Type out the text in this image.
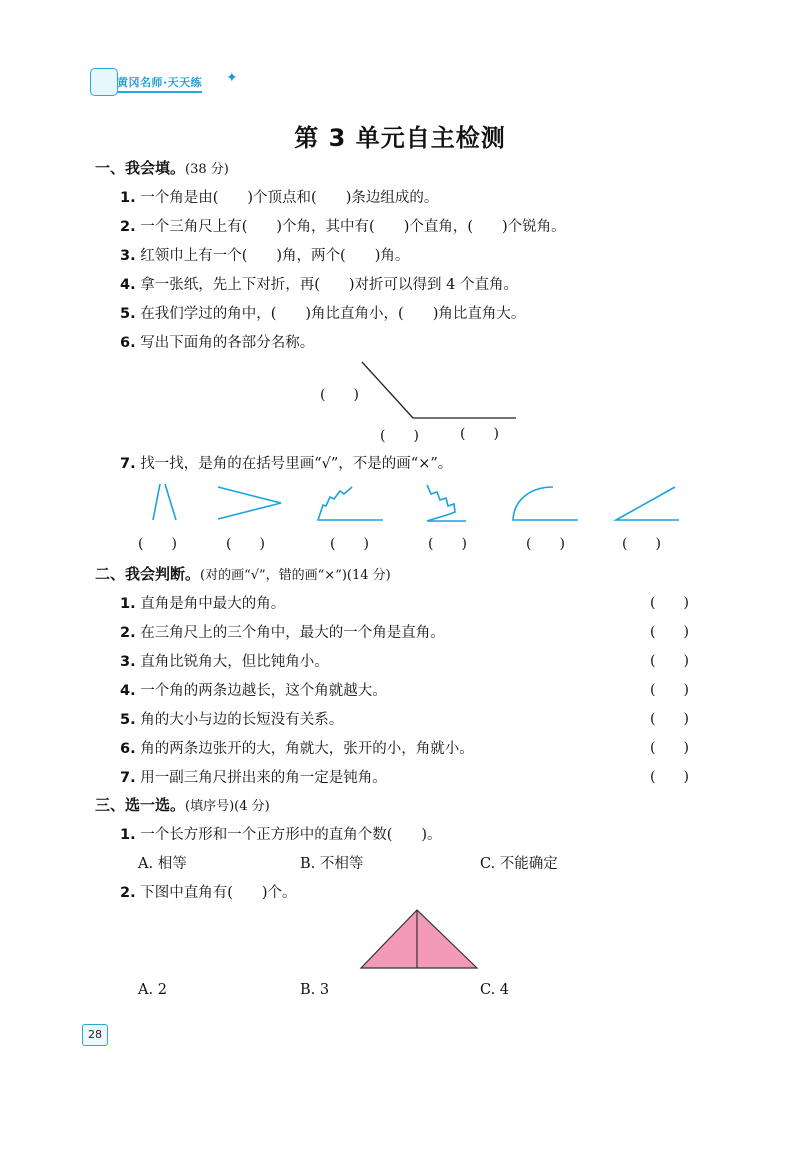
黄冈名师·天天练 ✦
第 3 单元自主检测
一、我会填。(38 分)
1. 一个角是由(　　)个顶点和(　　)条边组成的。
2. 一个三角尺上有(　　)个角，其中有(　　)个直角，(　　)个锐角。
3. 红领巾上有一个(　　)角，两个(　　)角。
4. 拿一张纸，先上下对折，再(　　)对折可以得到 4 个直角。
5. 在我们学过的角中，(　　)角比直角小，(　　)角比直角大。
6. 写出下面角的各部分名称。
(　　)
(　　)	(　　)
7. 找一找，是角的在括号里画“√”，不是的画“×”。
(　　)	(　　)	(　　)	(　　)	(　　)	(　　)
二、我会判断。(对的画“√”，错的画“×”)(14 分)
1. 直角是角中最大的角。	(　　)
2. 在三角尺上的三个角中，最大的一个角是直角。	(　　)
3. 直角比锐角大，但比钝角小。	(　　)
4. 一个角的两条边越长，这个角就越大。	(　　)
5. 角的大小与边的长短没有关系。	(　　)
6. 角的两条边张开的大，角就大，张开的小，角就小。	(　　)
7. 用一副三角尺拼出来的角一定是钝角。	(　　)
三、选一选。(填序号)(4 分)
1. 一个长方形和一个正方形中的直角个数(　　)。
A. 相等	B. 不相等	C. 不能确定
2. 下图中直角有(　　)个。
A. 2	B. 3	C. 4
28
